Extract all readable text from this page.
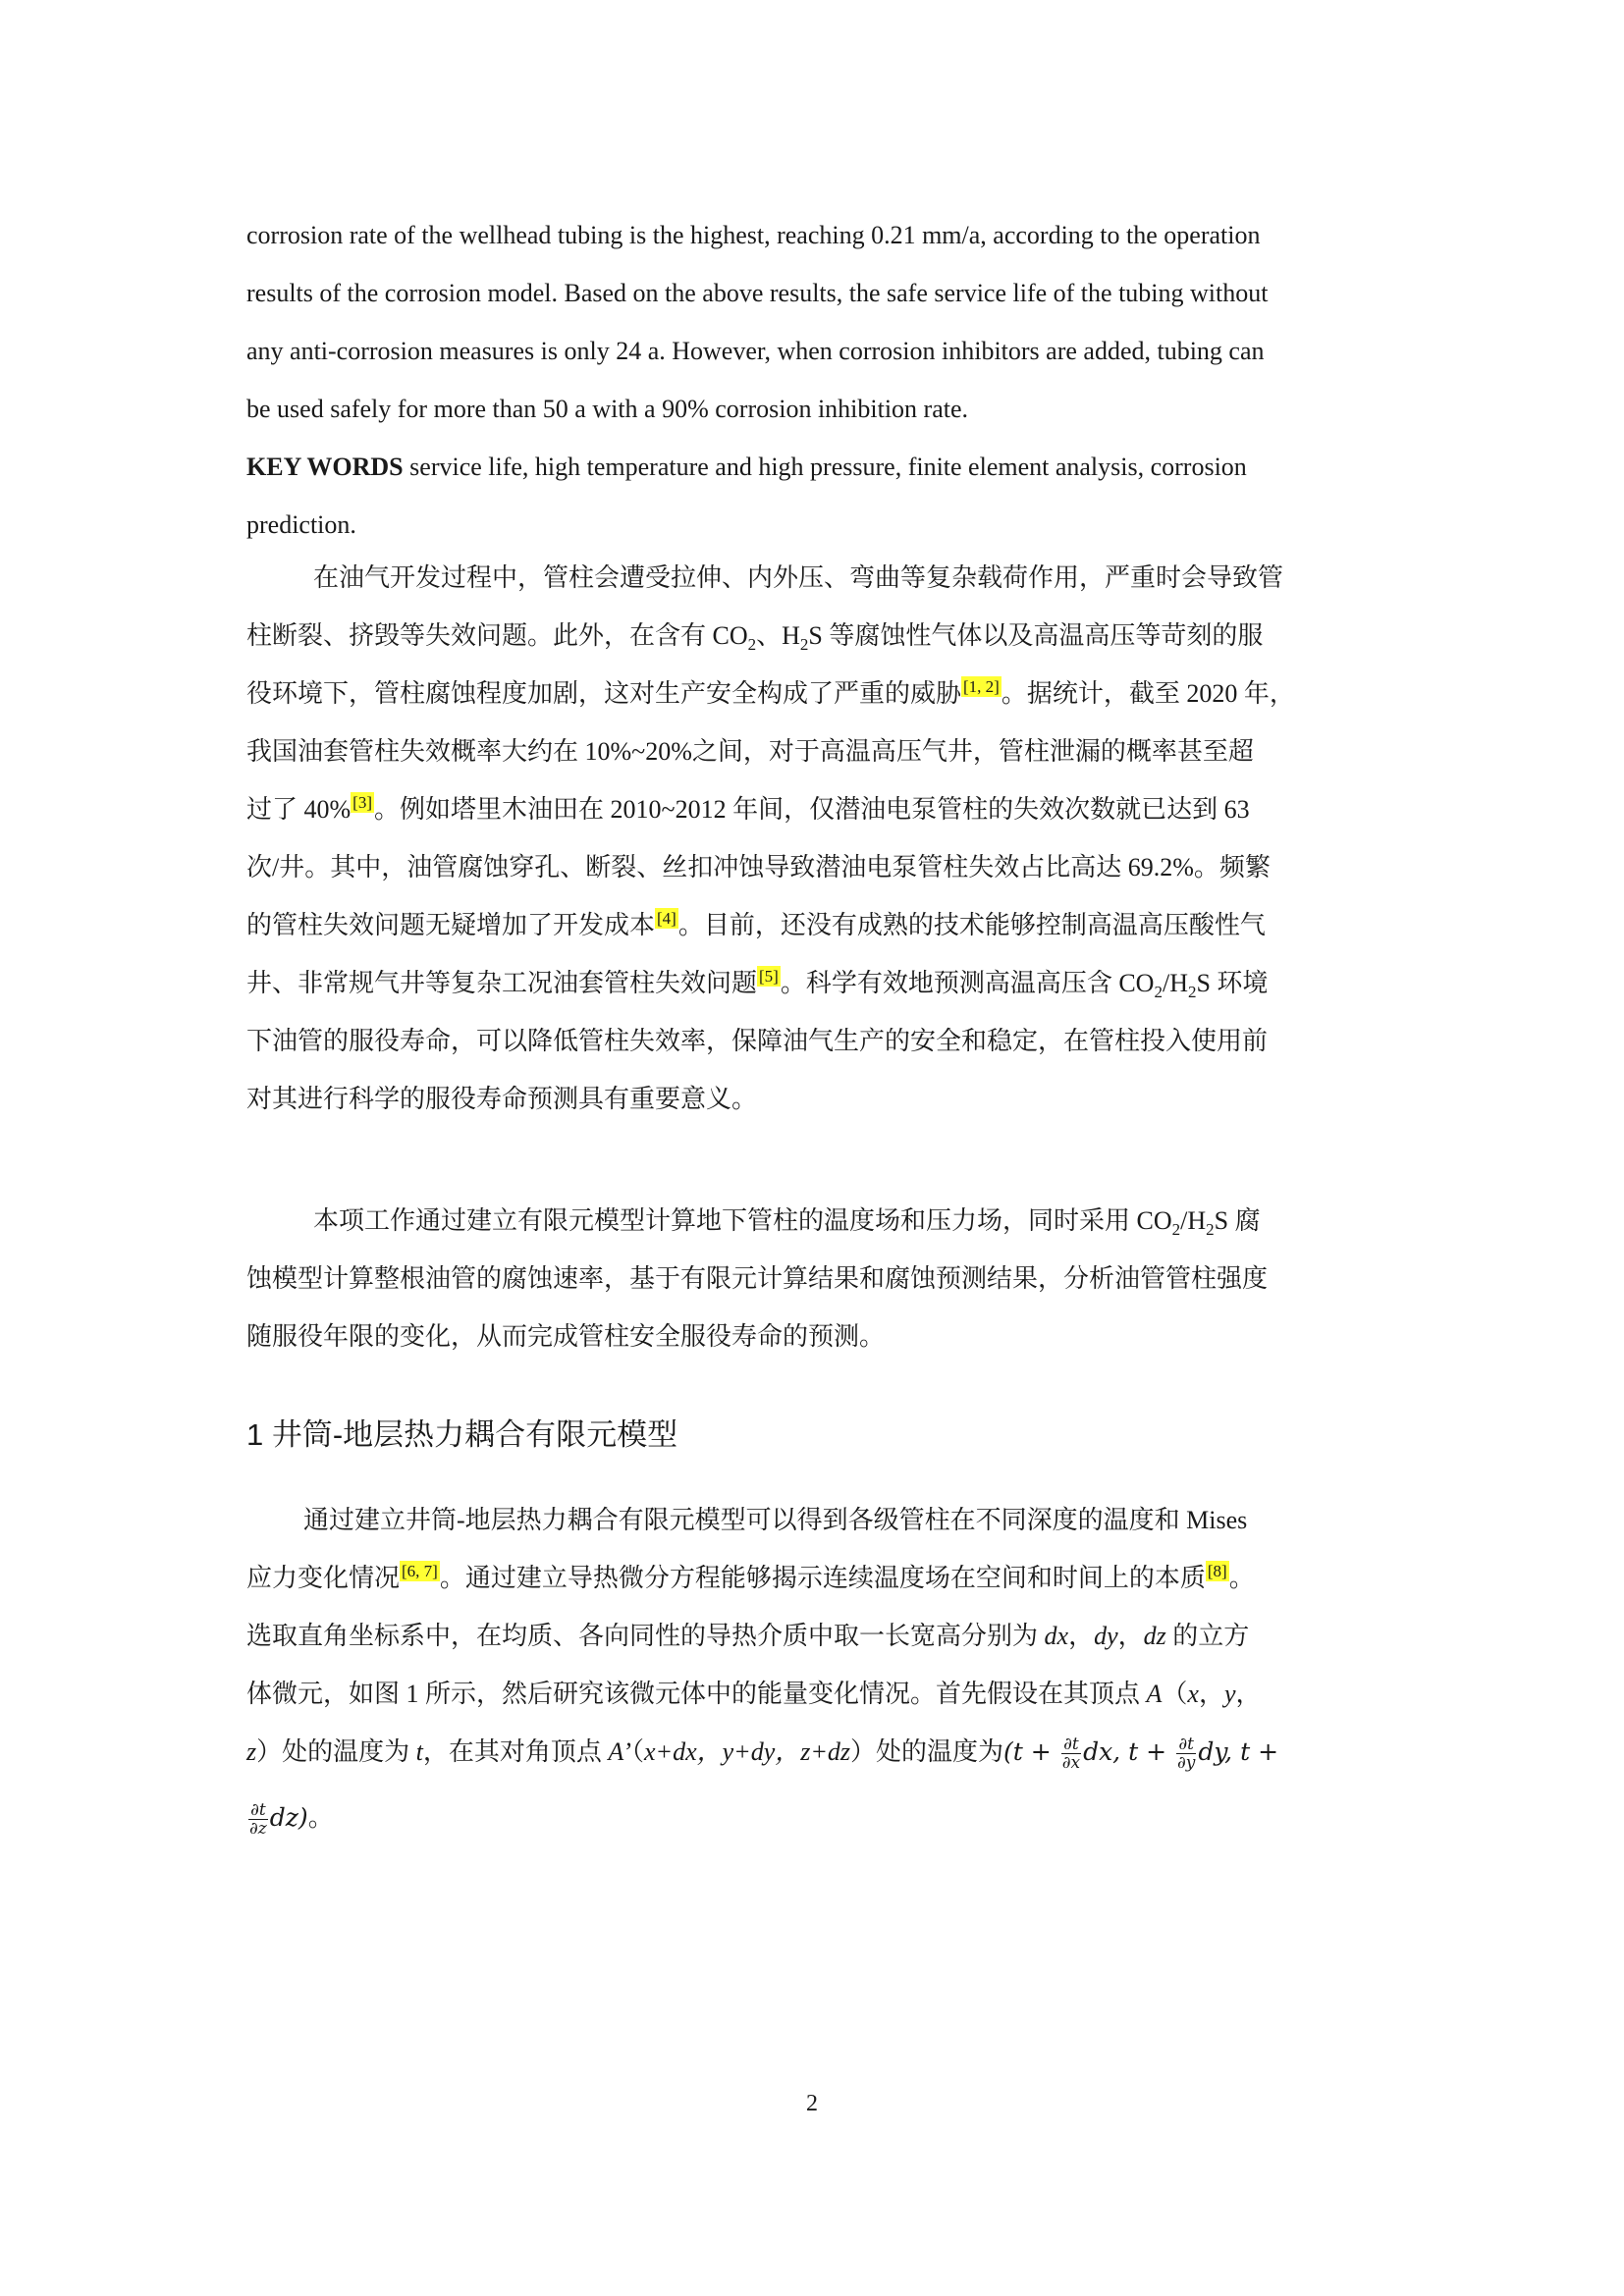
corrosion rate of the wellhead tubing is the highest, reaching 0.21 mm/a, according to the operation
results of the corrosion model. Based on the above results, the safe service life of the tubing without
any anti-corrosion measures is only 24 a. However, when corrosion inhibitors are added, tubing can
be used safely for more than 50 a with a 90% corrosion inhibition rate.
KEY WORDS service life, high temperature and high pressure, finite element analysis, corrosion
prediction.
在油气开发过程中，管柱会遭受拉伸、内外压、弯曲等复杂载荷作用，严重时会导致管
柱断裂、挤毁等失效问题。此外，在含有 $CO_2$、$H_2S$ 等腐蚀性气体以及高温高压等苛刻的服
役环境下，管柱腐蚀程度加剧，这对生产安全构成了严重的威胁 [1, 2]。据统计，截至 2020 年，
我国油套管柱失效概率大约在 10%~20%之间，对于高温高压气井，管柱泄漏的概率甚至超
过了 40% [3]。例如塔里木油田在 2010~2012 年间，仅潜油电泵管柱的失效次数就已达到 63
次/井。其中，油管腐蚀穿孔、断裂、丝扣冲蚀导致潜油电泵管柱失效占比高达 69.2%。频繁
的管柱失效问题无疑增加了开发成本 [4]。目前，还没有成熟的技术能够控制高温高压酸性气
井、非常规气井等复杂工况油套管柱失效问题 [5]。科学有效地预测高温高压含 $CO_2/H_2S$ 环境
下油管的服役寿命，可以降低管柱失效率，保障油气生产的安全和稳定，在管柱投入使用前
对其进行科学的服役寿命预测具有重要意义。
本项工作通过建立有限元模型计算地下管柱的温度场和压力场，同时采用 $CO_2/H_2S$ 腐
蚀模型计算整根油管的腐蚀速率，基于有限元计算结果和腐蚀预测结果，分析油管管柱强度
随服役年限的变化，从而完成管柱安全服役寿命的预测。
1 井筒-地层热力耦合有限元模型
通过建立井筒-地层热力耦合有限元模型可以得到各级管柱在不同深度的温度和 Mises
应力变化情况 [6, 7]。通过建立导热微分方程能够揭示连续温度场在空间和时间上的本质 [8]。
选取直角坐标系中，在均质、各向同性的导热介质中取一长宽高分别为 dx，dy，dz 的立方
体微元，如图 1 所示，然后研究该微元体中的能量变化情况。首先假设在其顶点 A（x，y，
z）处的温度为 t，在其对角顶点 A’（x+dx，y+dy，z+dz）处的温度为($t + \frac{\partial t}{\partial x}$ dx, $t + \frac{\partial t}{\partial y}$ dy, t +
$\frac{\partial t}{\partial z} dz$)。
2
